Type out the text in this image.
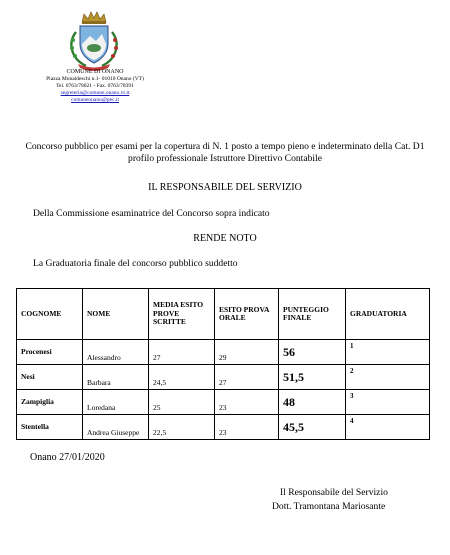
COMUNE DI ONANO
Piazza Monaldeschi n.1- 01010 Onano (VT)
Tel. 0763/78021 - Fax. 0763/78391
segreteria@comune.onano.vt.it
comuneonano@pec.it
Concorso pubblico per esami per la copertura di N. 1 posto a tempo pieno e indeterminato della Cat. D1 profilo professionale Istruttore Direttivo Contabile
IL RESPONSABILE DEL SERVIZIO
Della Commissione esaminatrice del Concorso sopra indicato
RENDE NOTO
La Graduatoria finale del concorso pubblico suddetto
COGNOME	NOME	MEDIA ESITO PROVE SCRITTE	ESITO PROVA ORALE	PUNTEGGIO FINALE	GRADUATORIA
Procenesi	Alessandro	27	29	56	1
Nesi	Barbara	24,5	27	51,5	2
Zampiglia	Loredana	25	23	48	3
Stentella	Andrea Giuseppe	22,5	23	45,5	4
Onano 27/01/2020
Il Responsabile del Servizio
Dott. Tramontana Mariosante
